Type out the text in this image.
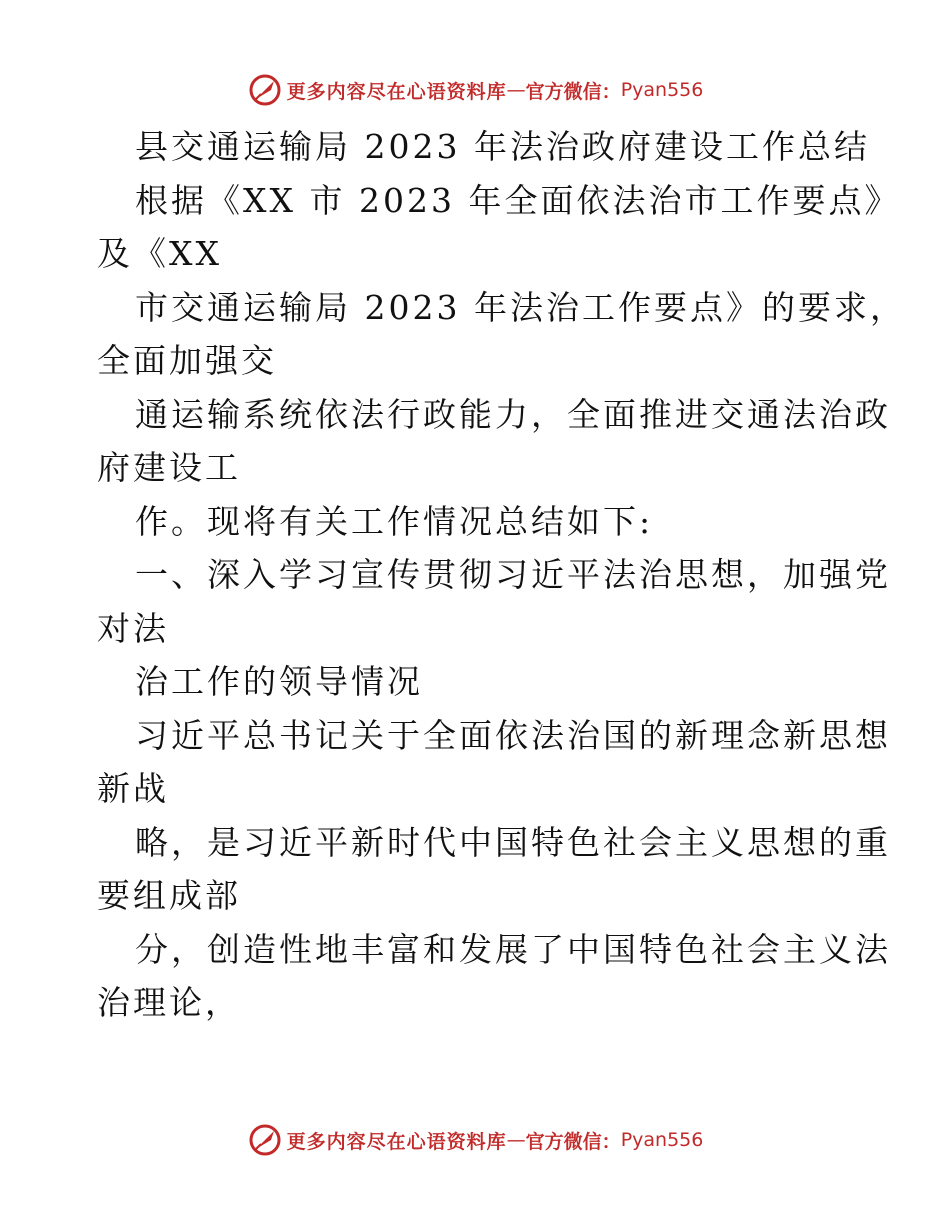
更多内容尽在心语资料库 — 官方微信： Pyan556
县交通运输局 2023 年法治政府建设工作总结
根据《XX 市 2023 年全面依法治市工作要点》
及《XX
市交通运输局 2023 年法治工作要点》的要求，
全面加强交
通运输系统依法行政能力，全面推进交通法治政
府建设工
作。现将有关工作情况总结如下:
一、深入学习宣传贯彻习近平法治思想，加强党
对法
治工作的领导情况
习近平总书记关于全面依法治国的新理念新思想
新战
略，是习近平新时代中国特色社会主义思想的重
要组成部
分，创造性地丰富和发展了中国特色社会主义法
治理论，
更多内容尽在心语资料库 — 官方微信： Pyan556
